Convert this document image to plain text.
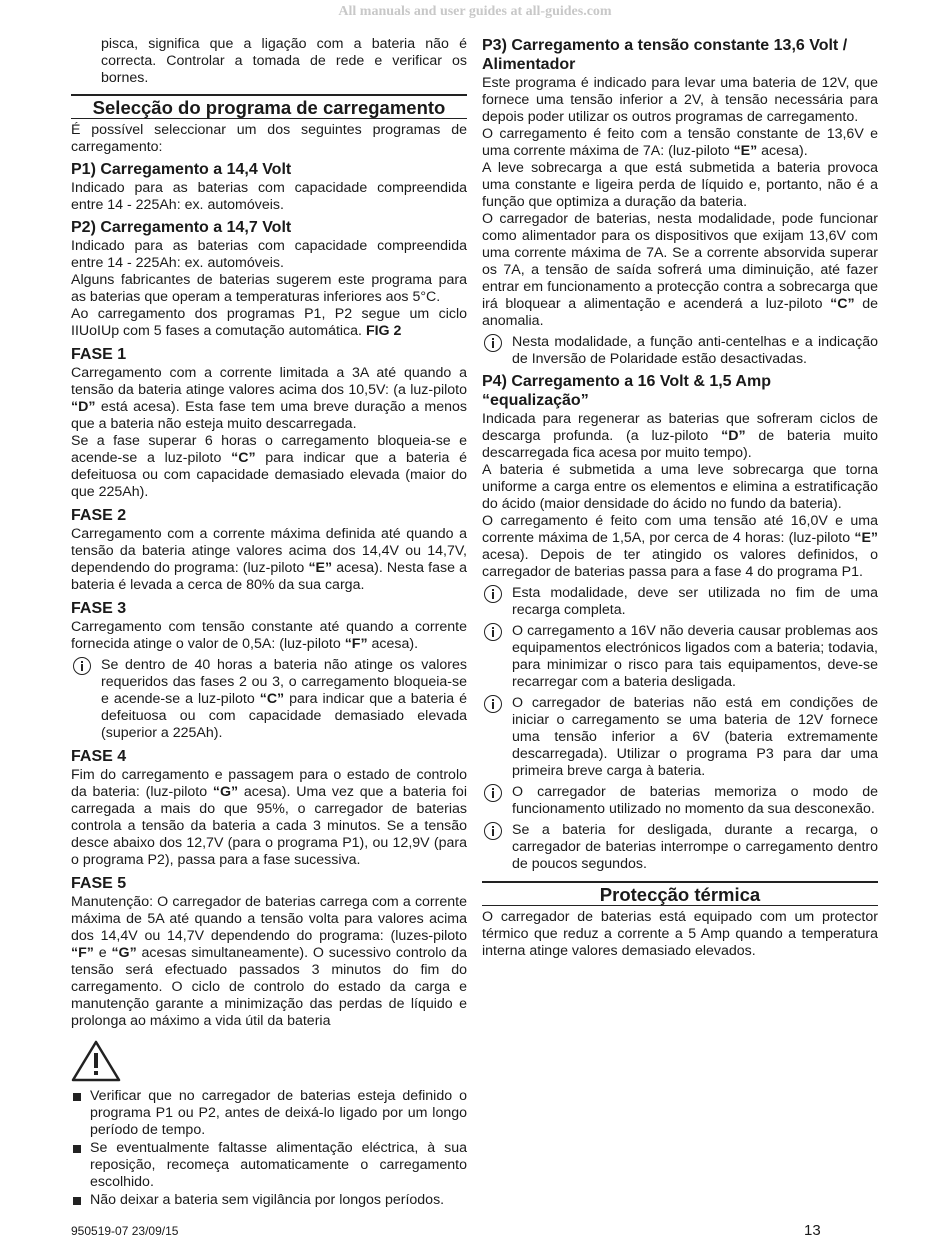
All manuals and user guides at all-guides.com

pisca, significa que a ligação com a bateria não é correcta. Controlar a tomada de rede e verificar os bornes.

Selecção do programa de carregamento

É possível seleccionar um dos seguintes programas de carregamento:

P1) Carregamento a 14,4 Volt

Indicado para as baterias com capacidade compreendida entre 14 - 225Ah: ex. automóveis.

P2) Carregamento a 14,7 Volt

Indicado para as baterias com capacidade compreendida entre 14 - 225Ah: ex. automóveis.

Alguns fabricantes de baterias sugerem este programa para as baterias que operam a temperaturas inferiores aos 5°C.

Ao carregamento dos programas P1, P2 segue um ciclo IIUoIUp com 5 fases a comutação automática. FIG 2

FASE 1

Carregamento com a corrente limitada a 3A até quando a tensão da bateria atinge valores acima dos 10,5V: (a luz-piloto “D” está acesa). Esta fase tem uma breve duração a menos que a bateria não esteja muito descarregada.

Se a fase superar 6 horas o carregamento bloqueia-se e acende-se a luz-piloto “C” para indicar que a bateria é defeituosa ou com capacidade demasiado elevada (maior do que 225Ah).

FASE 2

Carregamento com a corrente máxima definida até quando a tensão da bateria atinge valores acima dos 14,4V ou 14,7V, dependendo do programa: (luz-piloto “E” acesa). Nesta fase a bateria é levada a cerca de 80% da sua carga.

FASE 3

Carregamento com tensão constante até quando a corrente fornecida atinge o valor de 0,5A: (luz-piloto “F” acesa).

Se dentro de 40 horas a bateria não atinge os valores requeridos das fases 2 ou 3, o carregamento bloqueia-se e acende-se a luz-piloto “C” para indicar que a bateria é defeituosa ou com capacidade demasiado elevada (superior a 225Ah).
FASE 4

Fim do carregamento e passagem para o estado de controlo da bateria: (luz-piloto “G” acesa). Uma vez que a bateria foi carregada a mais do que 95%, o carregador de baterias controla a tensão da bateria a cada 3 minutos. Se a tensão desce abaixo dos 12,7V (para o programa P1), ou 12,9V (para o programa P2), passa para a fase sucessiva.

FASE 5

Manutenção: O carregador de baterias carrega com a corrente máxima de 5A até quando a tensão volta para valores acima dos 14,4V ou 14,7V dependendo do programa: (luzes-piloto “F” e “G” acesas simultaneamente). O sucessivo controlo da tensão será efectuado passados 3 minutos do fim do carregamento. O ciclo de controlo do estado da carga e manutenção garante a minimização das perdas de líquido e prolonga ao máximo a vida útil da bateria

Verificar que no carregador de baterias esteja definido o programa P1 ou P2, antes de deixá-lo ligado por um longo período de tempo.
Se eventualmente faltasse alimentação eléctrica, à sua reposição, recomeça automaticamente o carregamento escolhido.
Não deixar a bateria sem vigilância por longos períodos.
P3) Carregamento a tensão constante 13,6 Volt / Alimentador

Este programa é indicado para levar uma bateria de 12V, que fornece uma tensão inferior a 2V, à tensão necessária para depois poder utilizar os outros programas de carregamento.

O carregamento é feito com a tensão constante de 13,6V e uma corrente máxima de 7A: (luz-piloto “E” acesa).

A leve sobrecarga a que está submetida a bateria provoca uma constante e ligeira perda de líquido e, portanto, não é a função que optimiza a duração da bateria.

O carregador de baterias, nesta modalidade, pode funcionar como alimentador para os dispositivos que exijam 13,6V com uma corrente máxima de 7A. Se a corrente absorvida superar os 7A, a tensão de saída sofrerá uma diminuição, até fazer entrar em funcionamento a protecção contra a sobrecarga que irá bloquear a alimentação e acenderá a luz-piloto “C” de anomalia.

Nesta modalidade, a função anti-centelhas e a indicação de Inversão de Polaridade estão desactivadas.
P4) Carregamento a 16 Volt & 1,5 Amp “equalização”

Indicada para regenerar as baterias que sofreram ciclos de descarga profunda. (a luz-piloto “D” de bateria muito descarregada fica acesa por muito tempo).

A bateria é submetida a uma leve sobrecarga que torna uniforme a carga entre os elementos e elimina a estratificação do ácido (maior densidade do ácido no fundo da bateria).

O carregamento é feito com uma tensão até 16,0V e uma corrente máxima de 1,5A, por cerca de 4 horas: (luz-piloto “E” acesa). Depois de ter atingido os valores definidos, o carregador de baterias passa para a fase 4 do programa P1.

Esta modalidade, deve ser utilizada no fim de uma recarga completa.
O carregamento a 16V não deveria causar problemas aos equipamentos electrónicos ligados com a bateria; todavia, para minimizar o risco para tais equipamentos, deve-se recarregar com a bateria desligada.
O carregador de baterias não está em condições de iniciar o carregamento se uma bateria de 12V fornece uma tensão inferior a 6V (bateria extremamente descarregada). Utilizar o programa P3 para dar uma primeira breve carga à bateria.
O carregador de baterias memoriza o modo de funcionamento utilizado no momento da sua desconexão.
Se a bateria for desligada, durante a recarga, o carregador de baterias interrompe o carregamento dentro de poucos segundos.
Protecção térmica

O carregador de baterias está equipado com um protector térmico que reduz a corrente a 5 Amp quando a temperatura interna atinge valores demasiado elevados.

950519-07 23/09/15	13
